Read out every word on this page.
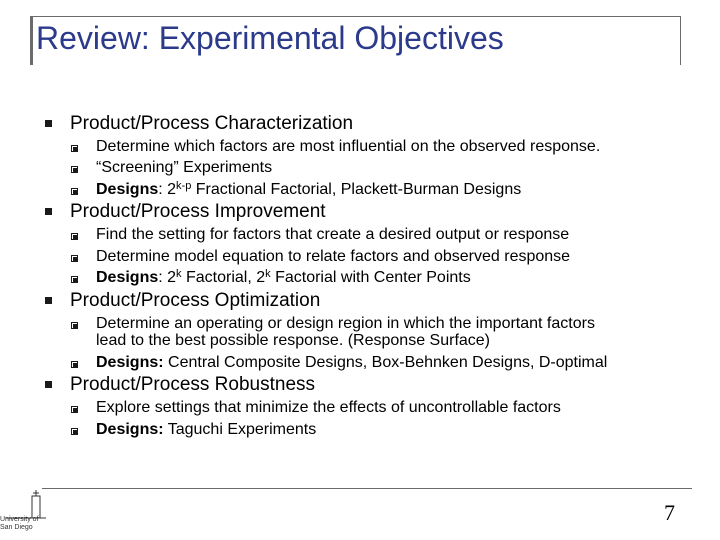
Review: Experimental Objectives
Product/Process Characterization
Determine which factors are most influential on the observed response.
“Screening” Experiments
Designs: 2$^{k-p}$ Fractional Factorial, Plackett-Burman Designs
Product/Process Improvement
Find the setting for factors that create a desired output or response
Determine model equation to relate factors and observed response
Designs: 2$^k$ Factorial, 2$^k$ Factorial with Center Points
Product/Process Optimization
Determine an operating or design region in which the important factors
lead to the best possible response. (Response Surface)
Designs: Central Composite Designs, Box-Behnken Designs, D-optimal
Product/Process Robustness
Explore settings that minimize the effects of uncontrollable factors
Designs: Taguchi Experiments
University of San Diego
7
